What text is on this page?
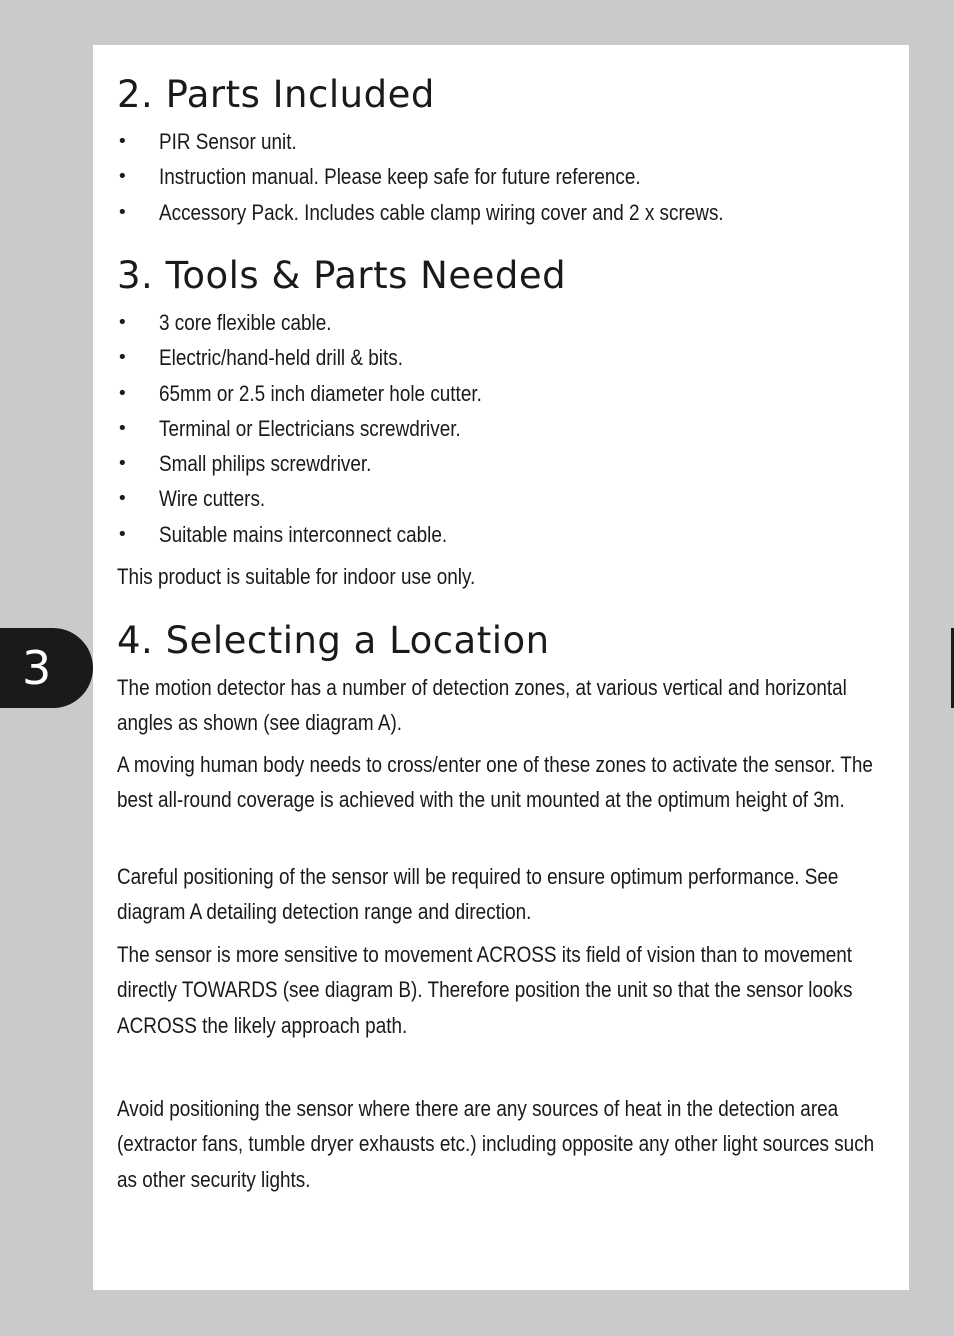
3
2. Parts Included
•	PIR Sensor unit.
•	Instruction manual. Please keep safe for future reference.
•	Accessory Pack. Includes cable clamp wiring cover and 2 x screws.
3. Tools & Parts Needed
•	3 core flexible cable.
•	Electric/hand-held drill & bits.
•	65mm or 2.5 inch diameter hole cutter.
•	Terminal or Electricians screwdriver.
•	Small philips screwdriver.
•	Wire cutters.
•	Suitable mains interconnect cable.

This product is suitable for indoor use only.

4. Selecting a Location

The motion detector has a number of detection zones, at various vertical and horizontal angles as shown (see diagram A).

A moving human body needs to cross/enter one of these zones to activate the sensor. The best all-round coverage is achieved with the unit mounted at the optimum height of 3m.

Careful positioning of the sensor will be required to ensure optimum performance. See diagram A detailing detection range and direction.

The sensor is more sensitive to movement ACROSS its field of vision than to movement directly TOWARDS (see diagram B). Therefore position the unit so that the sensor looks ACROSS the likely approach path.

Avoid positioning the sensor where there are any sources of heat in the detection area (extractor fans, tumble dryer exhausts etc.) including opposite any other light sources such as other security lights.
